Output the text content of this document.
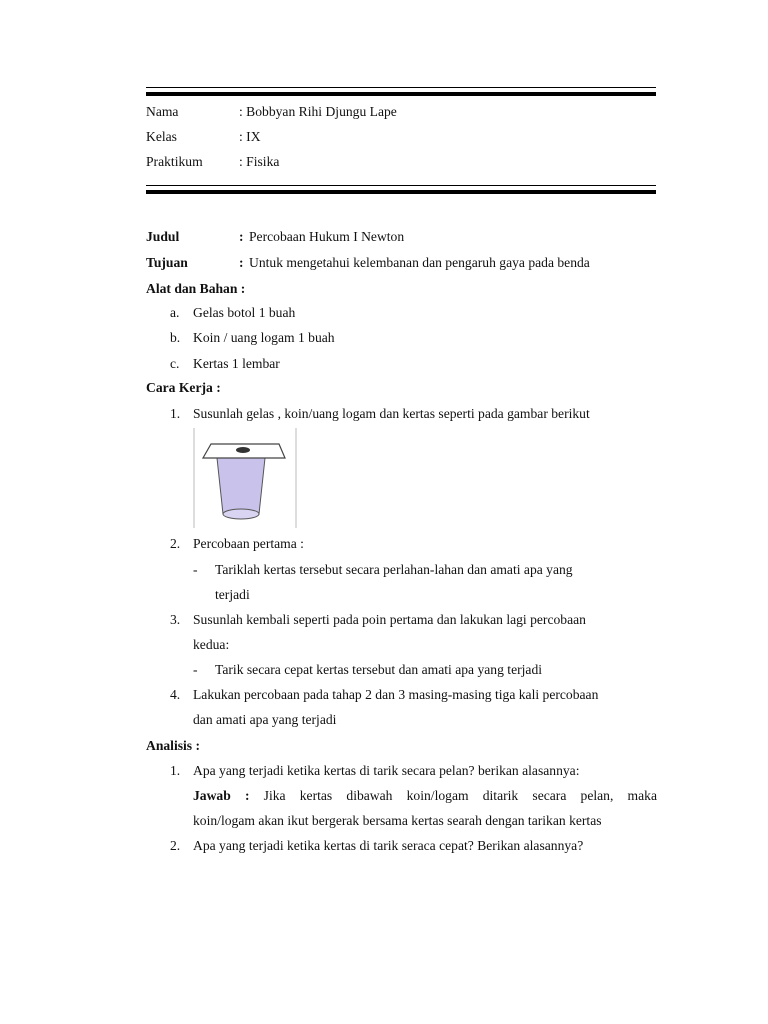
Nama	: Bobbyan Rihi Djungu Lape
Kelas	: IX
Praktikum	: Fisika
Judul	: Percobaan Hukum I Newton
Tujuan	: Untuk mengetahui kelembanan dan pengaruh gaya pada benda
Alat dan Bahan :
a. Gelas botol 1 buah
b. Koin / uang logam 1 buah
c. Kertas 1 lembar
Cara Kerja :
1. Susunlah gelas , koin/uang logam dan kertas seperti pada gambar berikut
2. Percobaan pertama :
- Tariklah kertas tersebut secara perlahan-lahan dan amati apa yang
terjadi
3. Susunlah kembali seperti pada poin pertama dan lakukan lagi percobaan
kedua:
- Tarik secara cepat kertas tersebut dan amati apa yang terjadi
4. Lakukan percobaan pada tahap 2 dan 3 masing-masing tiga kali percobaan
dan amati apa yang terjadi
Analisis :
1. Apa yang terjadi ketika kertas di tarik secara pelan? berikan alasannya:
Jawab : Jika kertas dibawah koin/logam ditarik secara pelan, maka
koin/logam akan ikut bergerak bersama kertas searah dengan tarikan kertas
2. Apa yang terjadi ketika kertas di tarik seraca cepat? Berikan alasannya?
